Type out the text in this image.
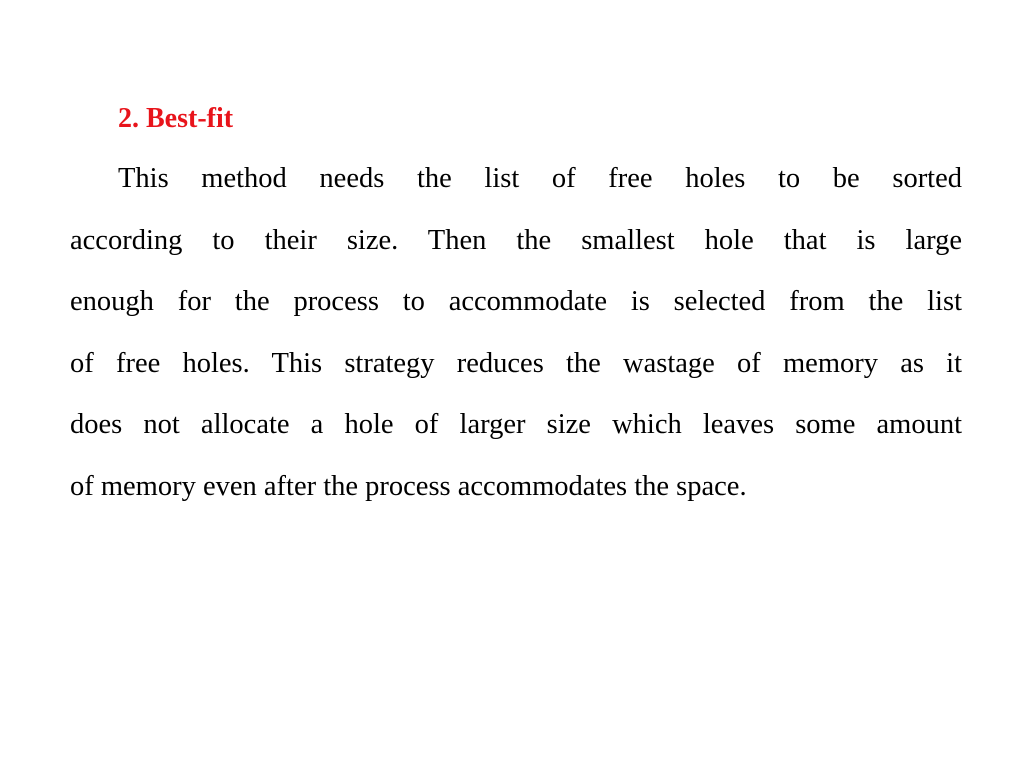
2. Best-fit
This method needs the list of free holes to be sorted
according to their size. Then the smallest hole that is large
enough for the process to accommodate is selected from the list
of free holes. This strategy reduces the wastage of memory as it
does not allocate a hole of larger size which leaves some amount
of memory even after the process accommodates the space.
